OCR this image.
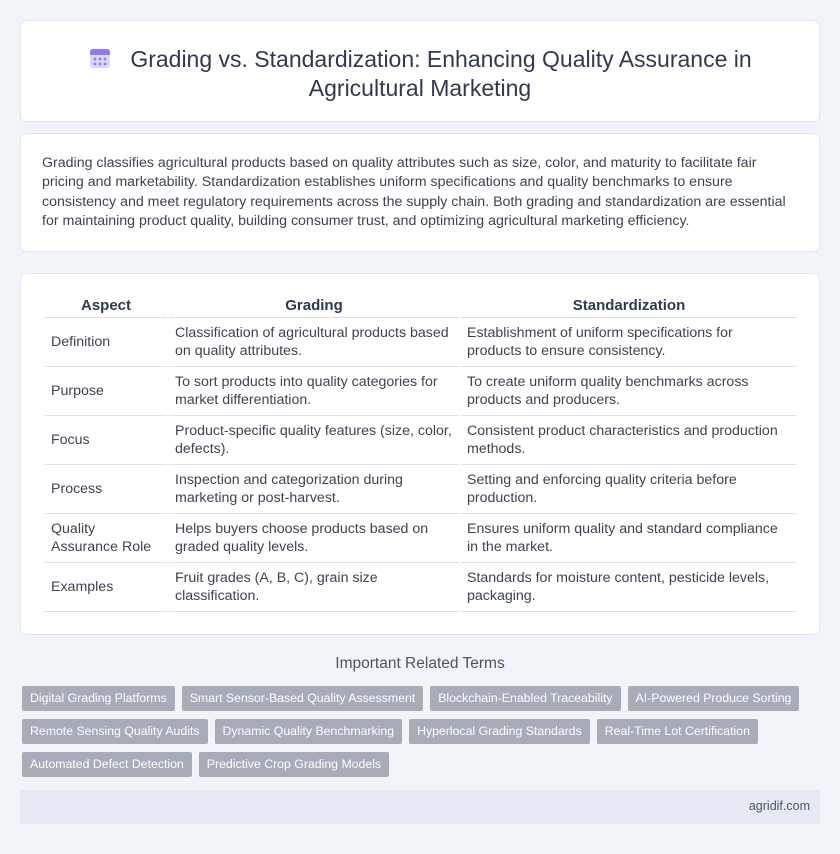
Grading vs. Standardization: Enhancing Quality Assurance in Agricultural Marketing

Grading classifies agricultural products based on quality attributes such as size, color, and maturity to facilitate fair pricing and marketability. Standardization establishes uniform specifications and quality benchmarks to ensure consistency and meet regulatory requirements across the supply chain. Both grading and standardization are essential for maintaining product quality, building consumer trust, and optimizing agricultural marketing efficiency.

Aspect	Grading	Standardization
Definition	Classification of agricultural products based on quality attributes.	Establishment of uniform specifications for products to ensure consistency.
Purpose	To sort products into quality categories for market differentiation.	To create uniform quality benchmarks across products and producers.
Focus	Product-specific quality features (size, color, defects).	Consistent product characteristics and production methods.
Process	Inspection and categorization during marketing or post-harvest.	Setting and enforcing quality criteria before production.
Quality Assurance Role	Helps buyers choose products based on graded quality levels.	Ensures uniform quality and standard compliance in the market.
Examples	Fruit grades (A, B, C), grain size classification.	Standards for moisture content, pesticide levels, packaging.
Important Related Terms
Digital Grading Platforms	Smart Sensor-Based Quality Assessment	Blockchain-Enabled Traceability	AI-Powered Produce Sorting
Remote Sensing Quality Audits	Dynamic Quality Benchmarking	Hyperlocal Grading Standards	Real-Time Lot Certification
Automated Defect Detection	Predictive Crop Grading Models
agridif.com
